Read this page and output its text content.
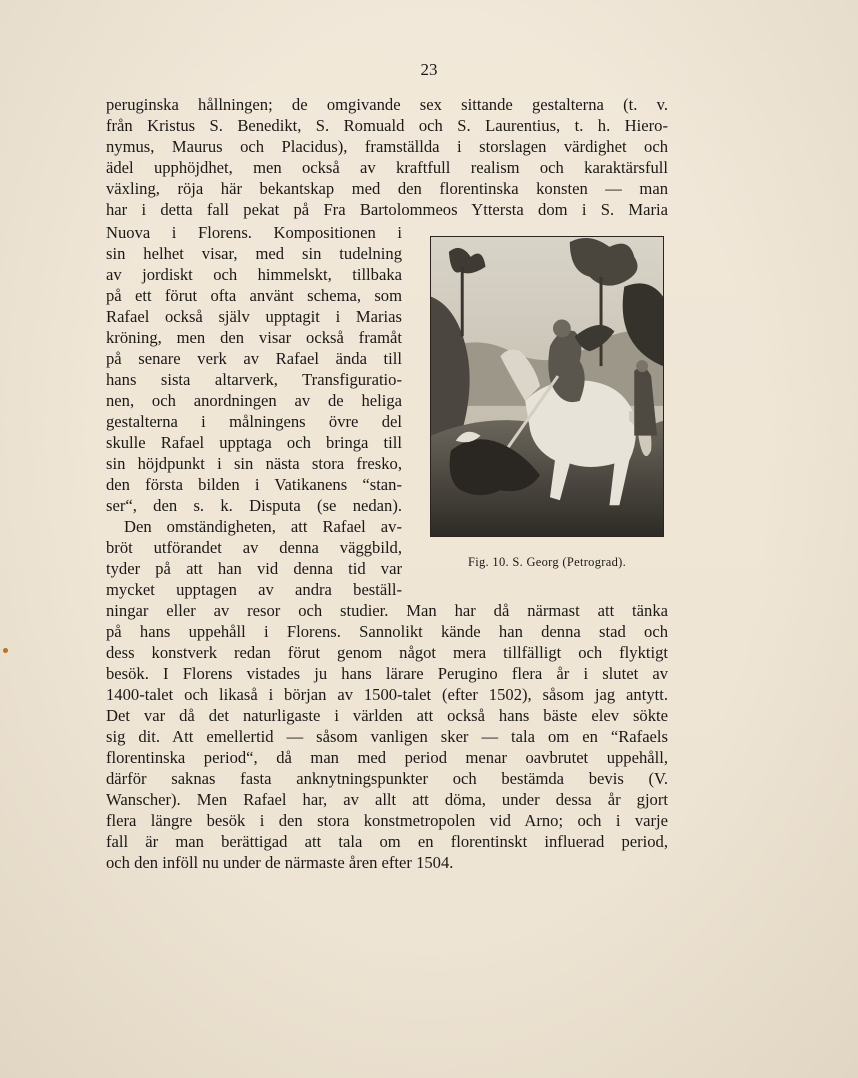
23
peruginska hållningen; de omgivande sex sittande gestalterna (t. v.
från Kristus S. Benedikt, S. Romuald och S. Laurentius, t. h. Hiero-
nymus, Maurus och Placidus), framställda i storslagen värdighet och
ädel upphöjdhet, men också av kraftfull realism och karaktärsfull
växling, röja här bekantskap med den florentinska konsten — man
har i detta fall pekat på Fra Bartolommeos Yttersta dom i S. Maria
Nuova i Florens. Kompositionen i
sin helhet visar, med sin tudelning
av jordiskt och himmelskt, tillbaka
på ett förut ofta använt schema, som
Rafael också själv upptagit i Marias
kröning, men den visar också framåt
på senare verk av Rafael ända till
hans sista altarverk, Transfiguratio-
nen, och anordningen av de heliga
gestalterna i målningens övre del
skulle Rafael upptaga och bringa till
sin höjdpunkt i sin nästa stora fresko,
den första bilden i Vatikanens “stan-
ser“, den s. k. Disputa (se nedan).
Den omständigheten, att Rafael av-
bröt utförandet av denna väggbild,
tyder på att han vid denna tid var
mycket upptagen av andra beställ-
ningar eller av resor och studier. Man har då närmast att tänka
på hans uppehåll i Florens. Sannolikt kände han denna stad och
dess konstverk redan förut genom något mera tillfälligt och flyktigt
besök. I Florens vistades ju hans lärare Perugino flera år i slutet av
1400-talet och likaså i början av 1500-talet (efter 1502), såsom jag antytt.
Det var då det naturligaste i världen att också hans bäste elev sökte
sig dit. Att emellertid — såsom vanligen sker — tala om en “Rafaels
florentinska period“, då man med period menar oavbrutet uppehåll,
därför saknas fasta anknytningspunkter och bestämda bevis (V.
Wanscher). Men Rafael har, av allt att döma, under dessa år gjort
flera längre besök i den stora konstmetropolen vid Arno; och i varje
fall är man berättigad att tala om en florentinskt influerad period,
och den inföll nu under de närmaste åren efter 1504.
Fig. 10. S. Georg (Petrograd).
